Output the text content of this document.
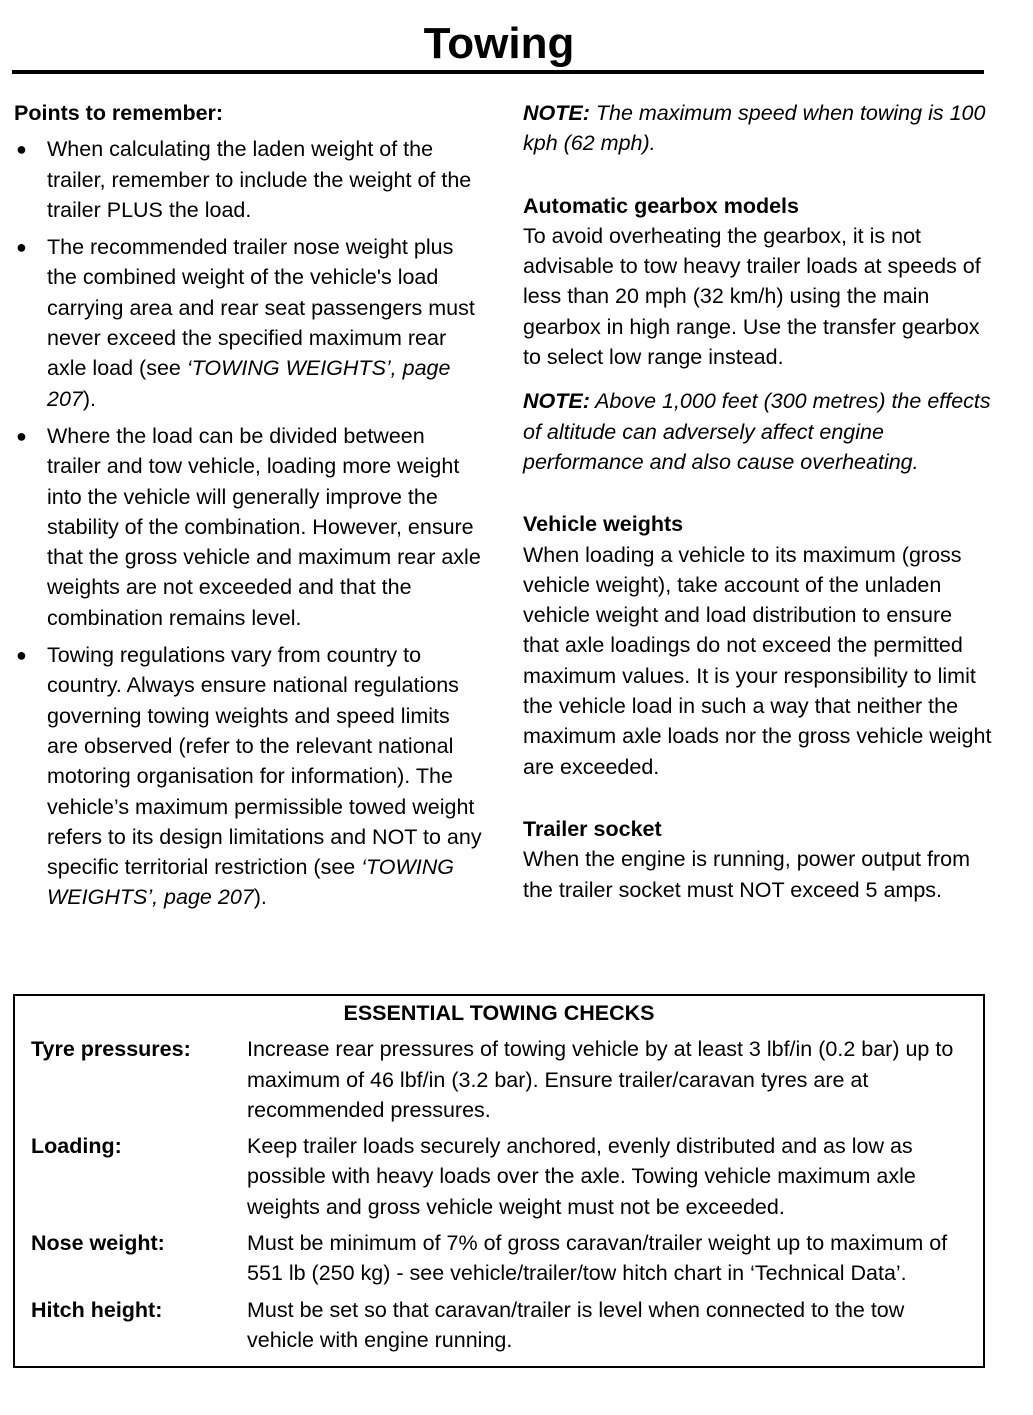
Towing

Points to remember:

● When calculating the laden weight of the trailer, remember to include the weight of the trailer PLUS the load.
● The recommended trailer nose weight plus the combined weight of the vehicle's load carrying area and rear seat passengers must never exceed the specified maximum rear axle load (see ‘TOWING WEIGHTS’, page 207).
● Where the load can be divided between trailer and tow vehicle, loading more weight into the vehicle will generally improve the stability of the combination. However, ensure that the gross vehicle and maximum rear axle weights are not exceeded and that the combination remains level.
● Towing regulations vary from country to country. Always ensure national regulations governing towing weights and speed limits are observed (refer to the relevant national motoring organisation for information). The vehicle’s maximum permissible towed weight refers to its design limitations and NOT to any specific territorial restriction (see ‘TOWING WEIGHTS’, page 207).

NOTE: The maximum speed when towing is 100 kph (62 mph).

Automatic gearbox models

To avoid overheating the gearbox, it is not advisable to tow heavy trailer loads at speeds of less than 20 mph (32 km/h) using the main gearbox in high range. Use the transfer gearbox to select low range instead.

NOTE: Above 1,000 feet (300 metres) the effects of altitude can adversely affect engine performance and also cause overheating.

Vehicle weights

When loading a vehicle to its maximum (gross vehicle weight), take account of the unladen vehicle weight and load distribution to ensure that axle loadings do not exceed the permitted maximum values. It is your responsibility to limit the vehicle load in such a way that neither the maximum axle loads nor the gross vehicle weight are exceeded.

Trailer socket

When the engine is running, power output from the trailer socket must NOT exceed 5 amps.

ESSENTIAL TOWING CHECKS
Tyre pressures:	Increase rear pressures of towing vehicle by at least 3 lbf/in (0.2 bar) up to maximum of 46 lbf/in (3.2 bar). Ensure trailer/caravan tyres are at recommended pressures.
Loading:	Keep trailer loads securely anchored, evenly distributed and as low as possible with heavy loads over the axle. Towing vehicle maximum axle weights and gross vehicle weight must not be exceeded.
Nose weight:	Must be minimum of 7% of gross caravan/trailer weight up to maximum of 551 lb (250 kg) - see vehicle/trailer/tow hitch chart in ‘Technical Data’.
Hitch height:	Must be set so that caravan/trailer is level when connected to the tow vehicle with engine running.
